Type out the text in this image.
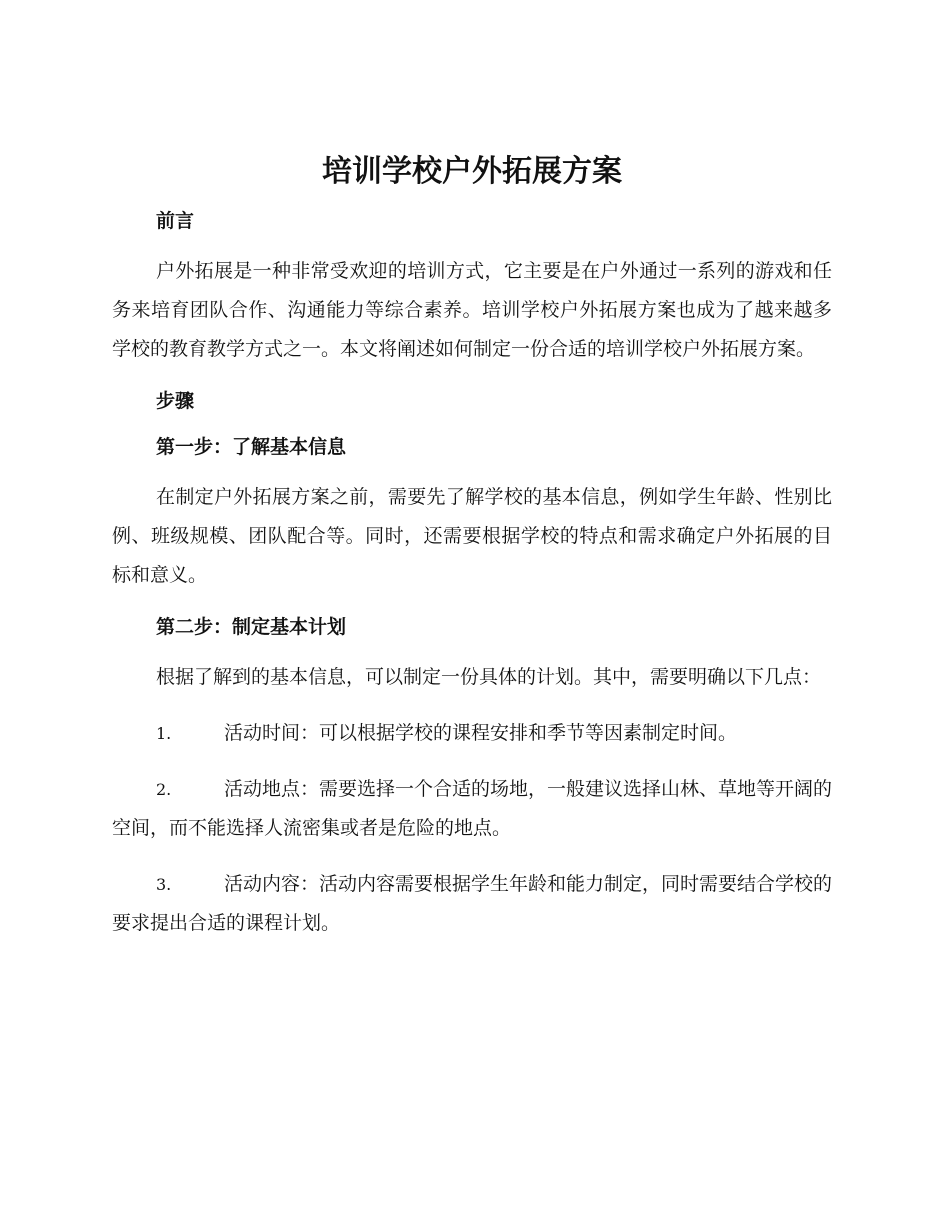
培训学校户外拓展方案
前言

户外拓展是一种非常受欢迎的培训方式，它主要是在户外通过一系列的游戏和任务来培育团队合作、沟通能力等综合素养。培训学校户外拓展方案也成为了越来越多学校的教育教学方式之一。本文将阐述如何制定一份合适的培训学校户外拓展方案。

步骤
第一步：了解基本信息

在制定户外拓展方案之前，需要先了解学校的基本信息，例如学生年龄、性别比例、班级规模、团队配合等。同时，还需要根据学校的特点和需求确定户外拓展的目标和意义。

第二步：制定基本计划

根据了解到的基本信息，可以制定一份具体的计划。其中，需要明确以下几点：

1.	活动时间：可以根据学校的课程安排和季节等因素制定时间。

2.	活动地点：需要选择一个合适的场地，一般建议选择山林、草地等开阔的空间，而不能选择人流密集或者是危险的地点。

3.	活动内容：活动内容需要根据学生年龄和能力制定，同时需要结合学校的要求提出合适的课程计划。
